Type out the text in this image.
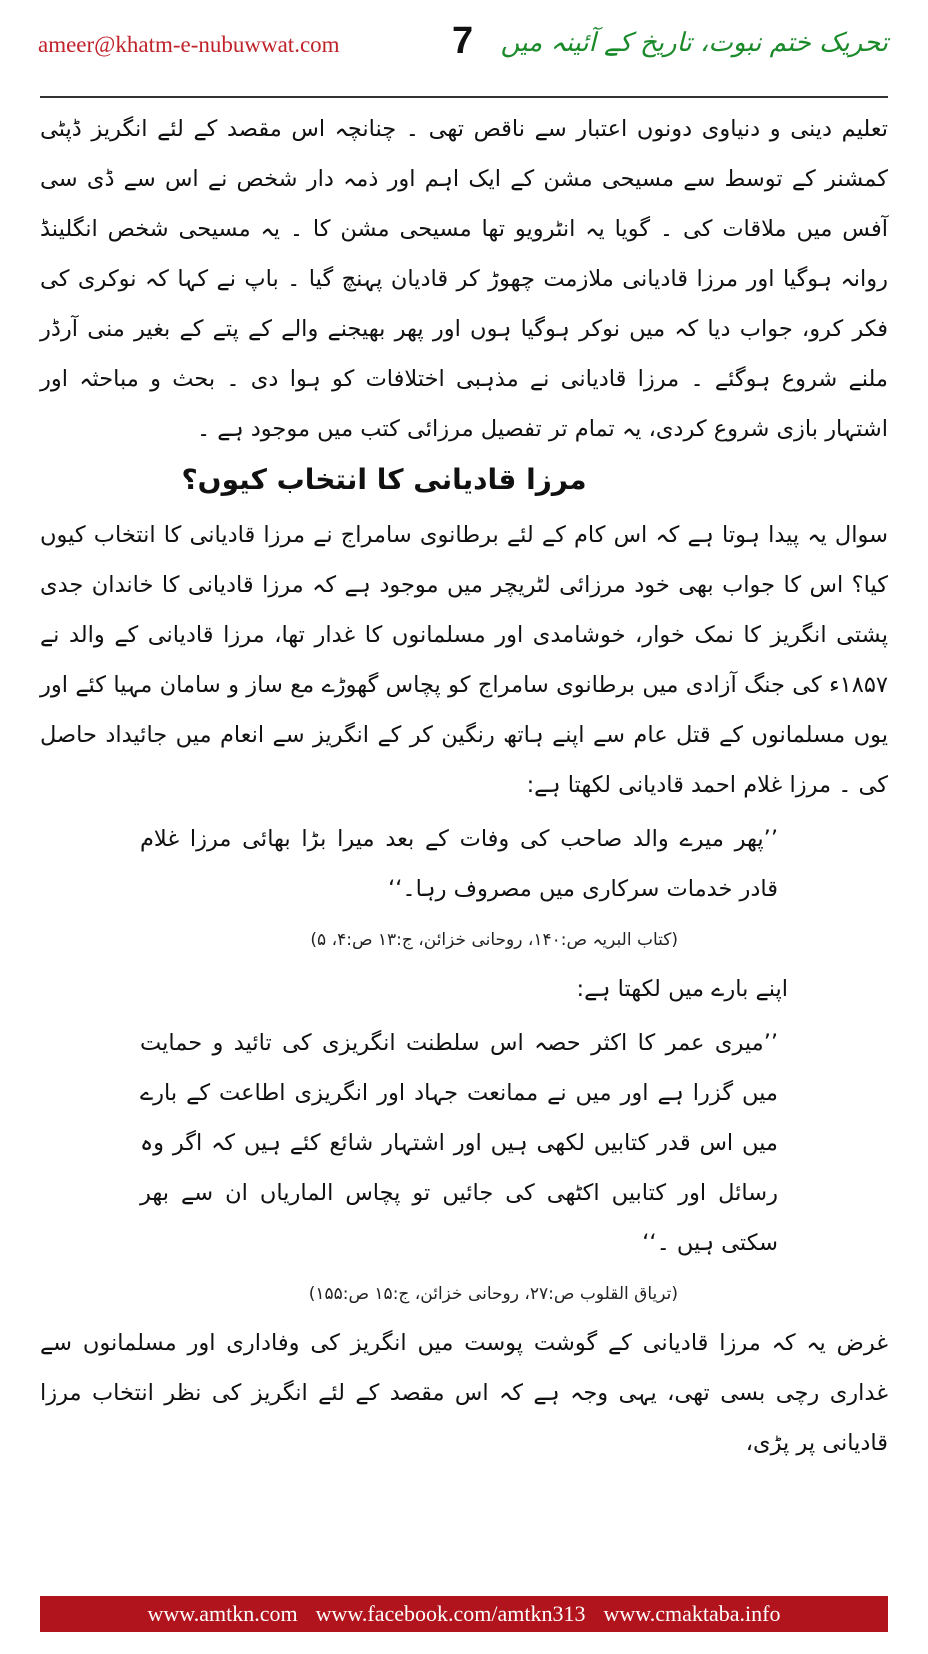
ameer@khatm-e-nubuwwat.com	7 تحریک ختم نبوت، تاریخ کے آئینہ میں

تعلیم دینی و دنیاوی دونوں اعتبار سے ناقص تھی ۔ چنانچہ اس مقصد کے لئے انگریز ڈپٹی کمشنر کے توسط سے مسیحی مشن کے ایک اہم اور ذمہ دار شخص نے اس سے ڈی سی آفس میں ملاقات کی ۔ گویا یہ انٹرویو تھا مسیحی مشن کا ۔ یہ مسیحی شخص انگلینڈ روانہ ہوگیا اور مرزا قادیانی ملازمت چھوڑ کر قادیان پہنچ گیا ۔ باپ نے کہا کہ نوکری کی فکر کرو، جواب دیا کہ میں نوکر ہوگیا ہوں اور پھر بھیجنے والے کے پتے کے بغیر منی آرڈر ملنے شروع ہوگئے ۔ مرزا قادیانی نے مذہبی اختلافات کو ہوا دی ۔ بحث و مباحثہ اور اشتہار بازی شروع کردی، یہ تمام تر تفصیل مرزائی کتب میں موجود ہے ۔

مرزا قادیانی کا انتخاب کیوں؟

سوال یہ پیدا ہوتا ہے کہ اس کام کے لئے برطانوی سامراج نے مرزا قادیانی کا انتخاب کیوں کیا؟ اس کا جواب بھی خود مرزائی لٹریچر میں موجود ہے کہ مرزا قادیانی کا خاندان جدی پشتی انگریز کا نمک خوار، خوشامدی اور مسلمانوں کا غدار تھا، مرزا قادیانی کے والد نے ۱۸۵۷ء کی جنگ آزادی میں برطانوی سامراج کو پچاس گھوڑے مع ساز و سامان مہیا کئے اور یوں مسلمانوں کے قتل عام سے اپنے ہاتھ رنگین کر کے انگریز سے انعام میں جائیداد حاصل کی ۔ مرزا غلام احمد قادیانی لکھتا ہے:

’’پھر میرے والد صاحب کی وفات کے بعد میرا بڑا بھائی مرزا غلام قادر خدمات سرکاری میں مصروف رہا۔‘‘

(کتاب البریہ ص:۱۴۰، روحانی خزائن، ج:۱۳ ص:۴، ۵)

اپنے بارے میں لکھتا ہے:

’’میری عمر کا اکثر حصہ اس سلطنت انگریزی کی تائید و حمایت میں گزرا ہے اور میں نے ممانعت جہاد اور انگریزی اطاعت کے بارے میں اس قدر کتابیں لکھی ہیں اور اشتہار شائع کئے ہیں کہ اگر وہ رسائل اور کتابیں اکٹھی کی جائیں تو پچاس الماریاں ان سے بھر سکتی ہیں ۔‘‘

(تریاق القلوب ص:۲۷، روحانی خزائن، ج:۱۵ ص:۱۵۵)

غرض یہ کہ مرزا قادیانی کے گوشت پوست میں انگریز کی وفاداری اور مسلمانوں سے غداری رچی بسی تھی، یہی وجہ ہے کہ اس مقصد کے لئے انگریز کی نظر انتخاب مرزا قادیانی پر پڑی،

www.amtkn.com www.facebook.com/amtkn313 www.cmaktaba.info
